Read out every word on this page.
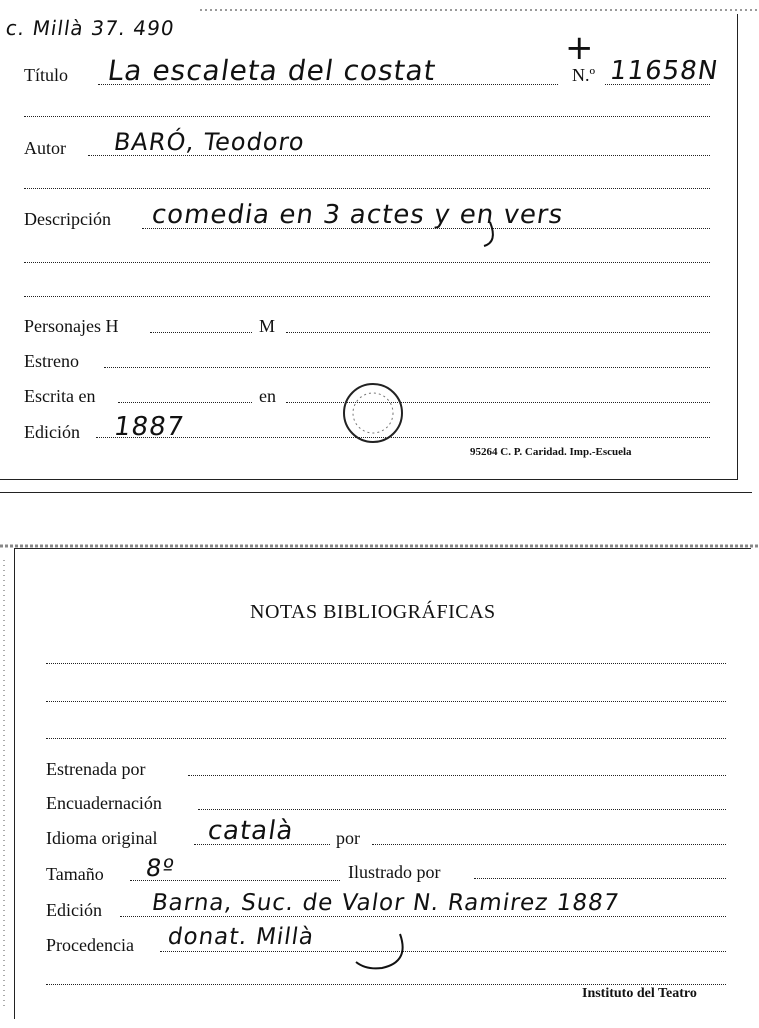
c. Millà 37. 490	+
Título La escaleta del costat	N.º 11658N
Autor BARÓ, Teodoro
Descripción comedia en 3 actes y en vers
Personajes H	M
Estreno
Escrita en	en
Edición 1887
95264 C. P. Caridad. Imp.-Escuela
NOTAS BIBLIOGRÁFICAS
Estrenada por
Encuadernación
Idioma original català por
Tamaño 8º	Ilustrado por
Edición Barna, Suc. de Valor N. Ramirez 1887
Procedencia donat. Millà
Instituto del Teatro
